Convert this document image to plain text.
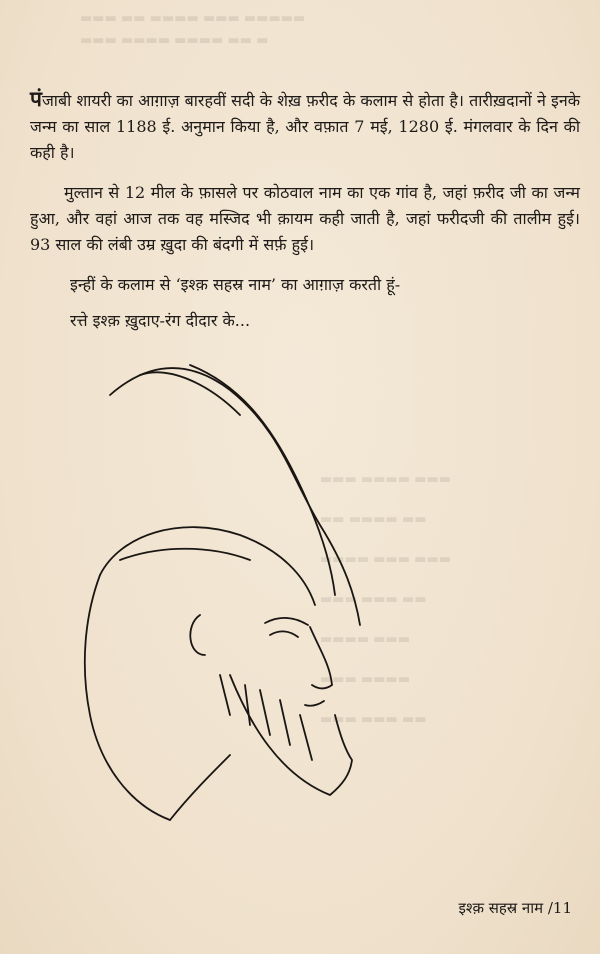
▬▬▬ ▬▬ ▬▬▬▬ ▬▬▬ ▬▬▬▬▬
▬▬▬ ▬▬▬▬ ▬▬▬▬ ▬▬ ▬
▬▬▬ ▬▬▬▬ ▬▬▬
▬▬ ▬▬▬▬ ▬▬
▬▬▬▬ ▬▬▬ ▬▬▬
▬▬▬ ▬▬▬ ▬▬
▬▬▬▬ ▬▬▬
▬▬▬ ▬▬▬▬
▬▬▬ ▬▬▬ ▬▬

पंजाबी शायरी का आग़ाज़ बारहवीं सदी के शेख़ फ़रीद के कलाम से होता है। तारीख़दानों ने इनके जन्म का साल 1188 ई. अनुमान किया है, और वफ़ात 7 मई, 1280 ई. मंगलवार के दिन की कही है।

मुल्तान से 12 मील के फ़ासले पर कोठवाल नाम का एक गांव है, जहां फ़रीद जी का जन्म हुआ, और वहां आज तक वह मस्जिद भी क़ायम कही जाती है, जहां फरीदजी की तालीम हुई। 93 साल की लंबी उम्र ख़ुदा की बंदगी में सर्फ़ हुई।

इन्हीं के कलाम से ‘इश्क़ सहस्र नाम’ का आग़ाज़ करती हूं-

रत्ते इश्क़ ख़ुदाए-रंग दीदार के...

इश्क़ सहस्र नाम /11
